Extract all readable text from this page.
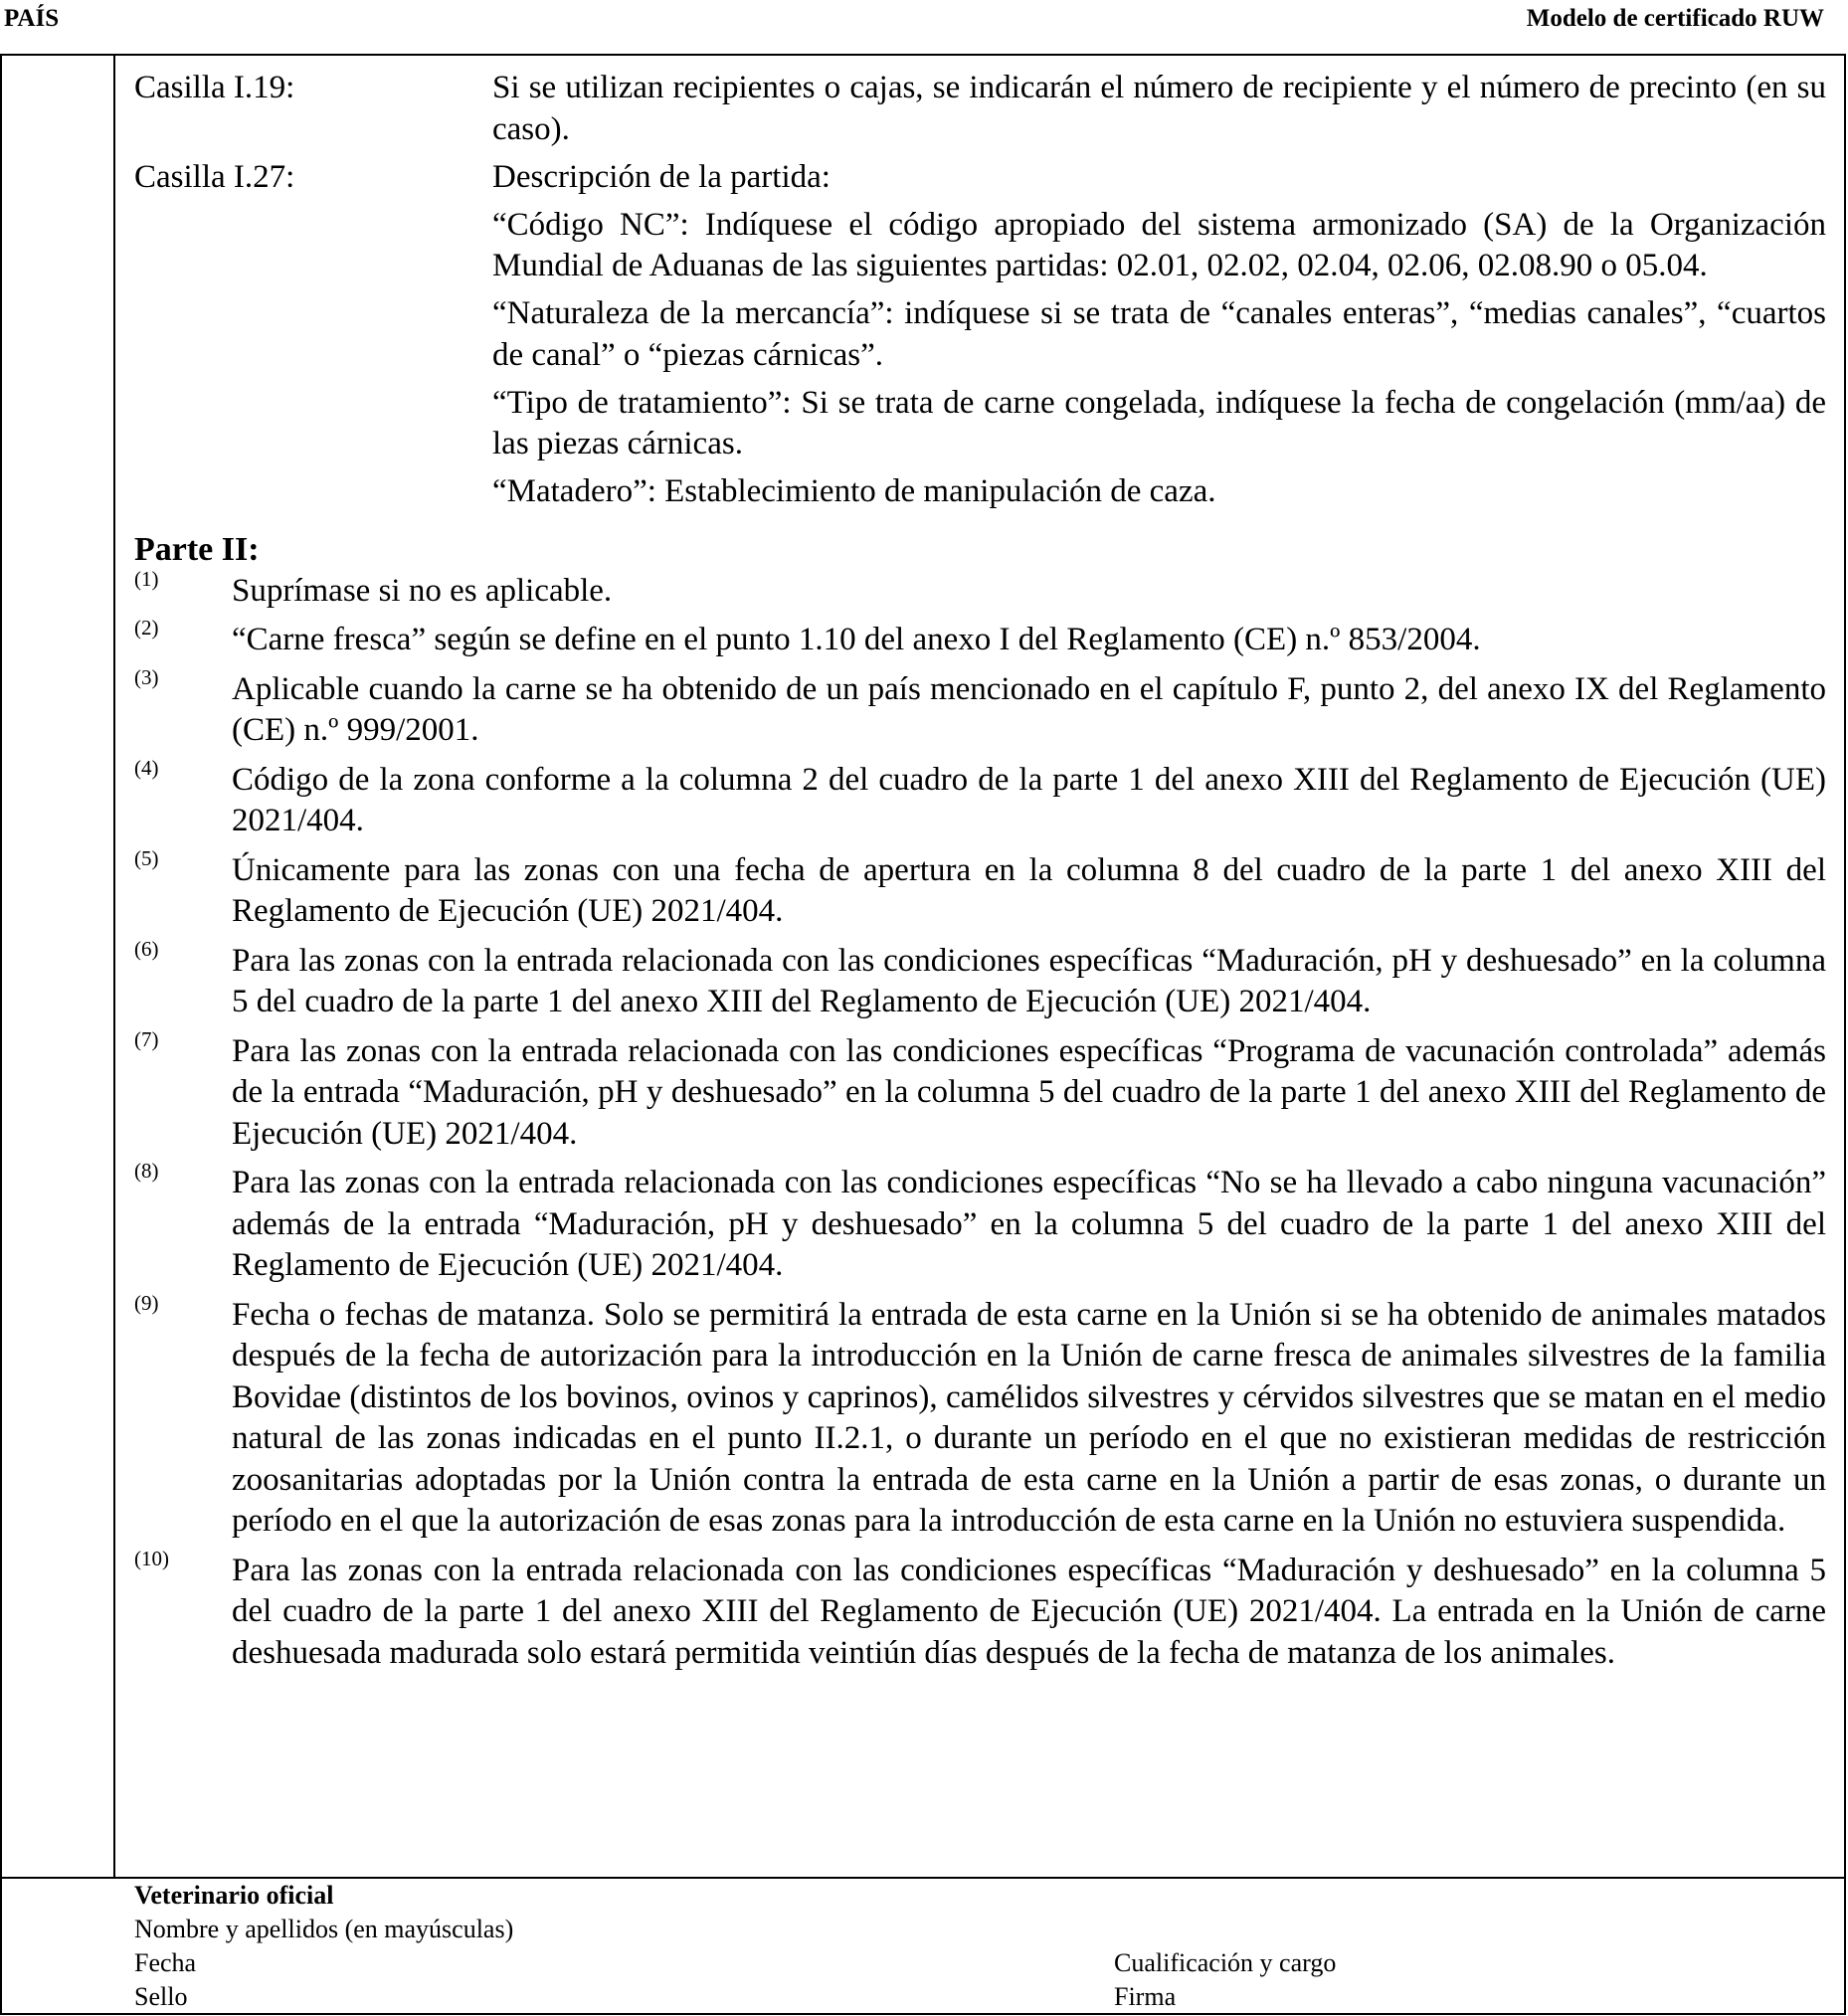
PAÍS	Modelo de certificado RUW
Casilla I.19:	Si se utilizan recipientes o cajas, se indicarán el número de recipiente y el número de precinto (en su caso).
Casilla I.27:	Descripción de la partida:
“Código NC”: Indíquese el código apropiado del sistema armonizado (SA) de la Organización Mundial de Aduanas de las siguientes partidas: 02.01, 02.02, 02.04, 02.06, 02.08.90 o 05.04.
“Naturaleza de la mercancía”: indíquese si se trata de “canales enteras”, “medias canales”, “cuartos de canal” o “piezas cárnicas”.
“Tipo de tratamiento”: Si se trata de carne congelada, indíquese la fecha de congelación (mm/aa) de las piezas cárnicas.
“Matadero”: Establecimiento de manipulación de caza.
Parte II:
(1) Suprímase si no es aplicable.
(2) “Carne fresca” según se define en el punto 1.10 del anexo I del Reglamento (CE) n.º 853/2004.
(3) Aplicable cuando la carne se ha obtenido de un país mencionado en el capítulo F, punto 2, del anexo IX del Reglamento (CE) n.º 999/2001.
(4) Código de la zona conforme a la columna 2 del cuadro de la parte 1 del anexo XIII del Reglamento de Ejecución (UE) 2021/404.
(5) Únicamente para las zonas con una fecha de apertura en la columna 8 del cuadro de la parte 1 del anexo XIII del Reglamento de Ejecución (UE) 2021/404.
(6) Para las zonas con la entrada relacionada con las condiciones específicas “Maduración, pH y deshuesado” en la columna 5 del cuadro de la parte 1 del anexo XIII del Reglamento de Ejecución (UE) 2021/404.
(7) Para las zonas con la entrada relacionada con las condiciones específicas “Programa de vacunación controlada” además de la entrada “Maduración, pH y deshuesado” en la columna 5 del cuadro de la parte 1 del anexo XIII del Reglamento de Ejecución (UE) 2021/404.
(8) Para las zonas con la entrada relacionada con las condiciones específicas “No se ha llevado a cabo ninguna vacunación” además de la entrada “Maduración, pH y deshuesado” en la columna 5 del cuadro de la parte 1 del anexo XIII del Reglamento de Ejecución (UE) 2021/404.
(9) Fecha o fechas de matanza. Solo se permitirá la entrada de esta carne en la Unión si se ha obtenido de animales matados después de la fecha de autorización para la introducción en la Unión de carne fresca de animales silvestres de la familia Bovidae (distintos de los bovinos, ovinos y caprinos), camélidos silvestres y cérvidos silvestres que se matan en el medio natural de las zonas indicadas en el punto II.2.1, o durante un período en el que no existieran medidas de restricción zoosanitarias adoptadas por la Unión contra la entrada de esta carne en la Unión a partir de esas zonas, o durante un período en el que la autorización de esas zonas para la introducción de esta carne en la Unión no estuviera suspendida.
(10) Para las zonas con la entrada relacionada con las condiciones específicas “Maduración y deshuesado” en la columna 5 del cuadro de la parte 1 del anexo XIII del Reglamento de Ejecución (UE) 2021/404. La entrada en la Unión de carne deshuesada madurada solo estará permitida veintiún días después de la fecha de matanza de los animales.
Veterinario oficial
Nombre y apellidos (en mayúsculas)
Fecha	Cualificación y cargo
Sello	Firma
